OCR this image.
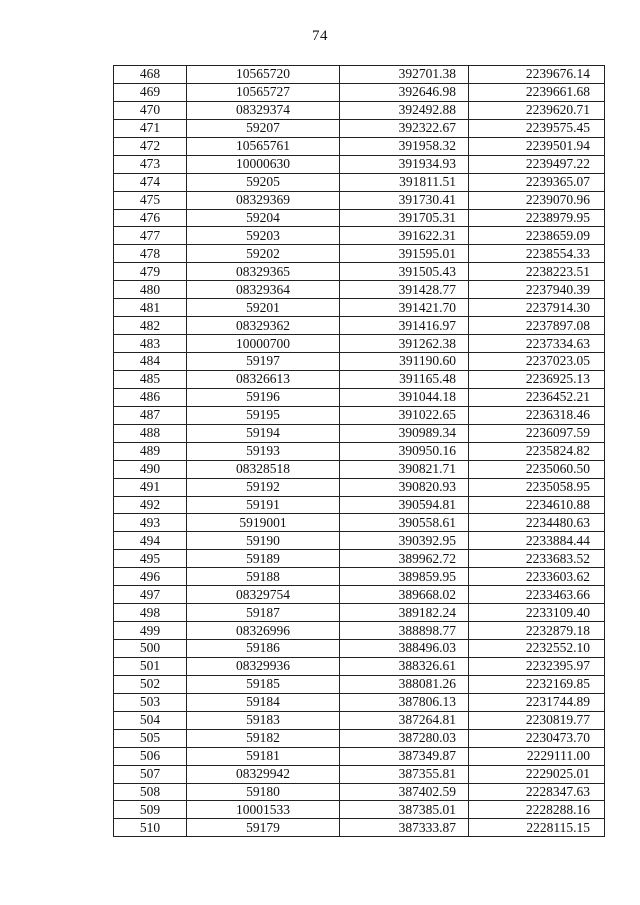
74
468	10565720	392701.38	2239676.14
469	10565727	392646.98	2239661.68
470	08329374	392492.88	2239620.71
471	59207	392322.67	2239575.45
472	10565761	391958.32	2239501.94
473	10000630	391934.93	2239497.22
474	59205	391811.51	2239365.07
475	08329369	391730.41	2239070.96
476	59204	391705.31	2238979.95
477	59203	391622.31	2238659.09
478	59202	391595.01	2238554.33
479	08329365	391505.43	2238223.51
480	08329364	391428.77	2237940.39
481	59201	391421.70	2237914.30
482	08329362	391416.97	2237897.08
483	10000700	391262.38	2237334.63
484	59197	391190.60	2237023.05
485	08326613	391165.48	2236925.13
486	59196	391044.18	2236452.21
487	59195	391022.65	2236318.46
488	59194	390989.34	2236097.59
489	59193	390950.16	2235824.82
490	08328518	390821.71	2235060.50
491	59192	390820.93	2235058.95
492	59191	390594.81	2234610.88
493	5919001	390558.61	2234480.63
494	59190	390392.95	2233884.44
495	59189	389962.72	2233683.52
496	59188	389859.95	2233603.62
497	08329754	389668.02	2233463.66
498	59187	389182.24	2233109.40
499	08326996	388898.77	2232879.18
500	59186	388496.03	2232552.10
501	08329936	388326.61	2232395.97
502	59185	388081.26	2232169.85
503	59184	387806.13	2231744.89
504	59183	387264.81	2230819.77
505	59182	387280.03	2230473.70
506	59181	387349.87	2229111.00
507	08329942	387355.81	2229025.01
508	59180	387402.59	2228347.63
509	10001533	387385.01	2228288.16
510	59179	387333.87	2228115.15
